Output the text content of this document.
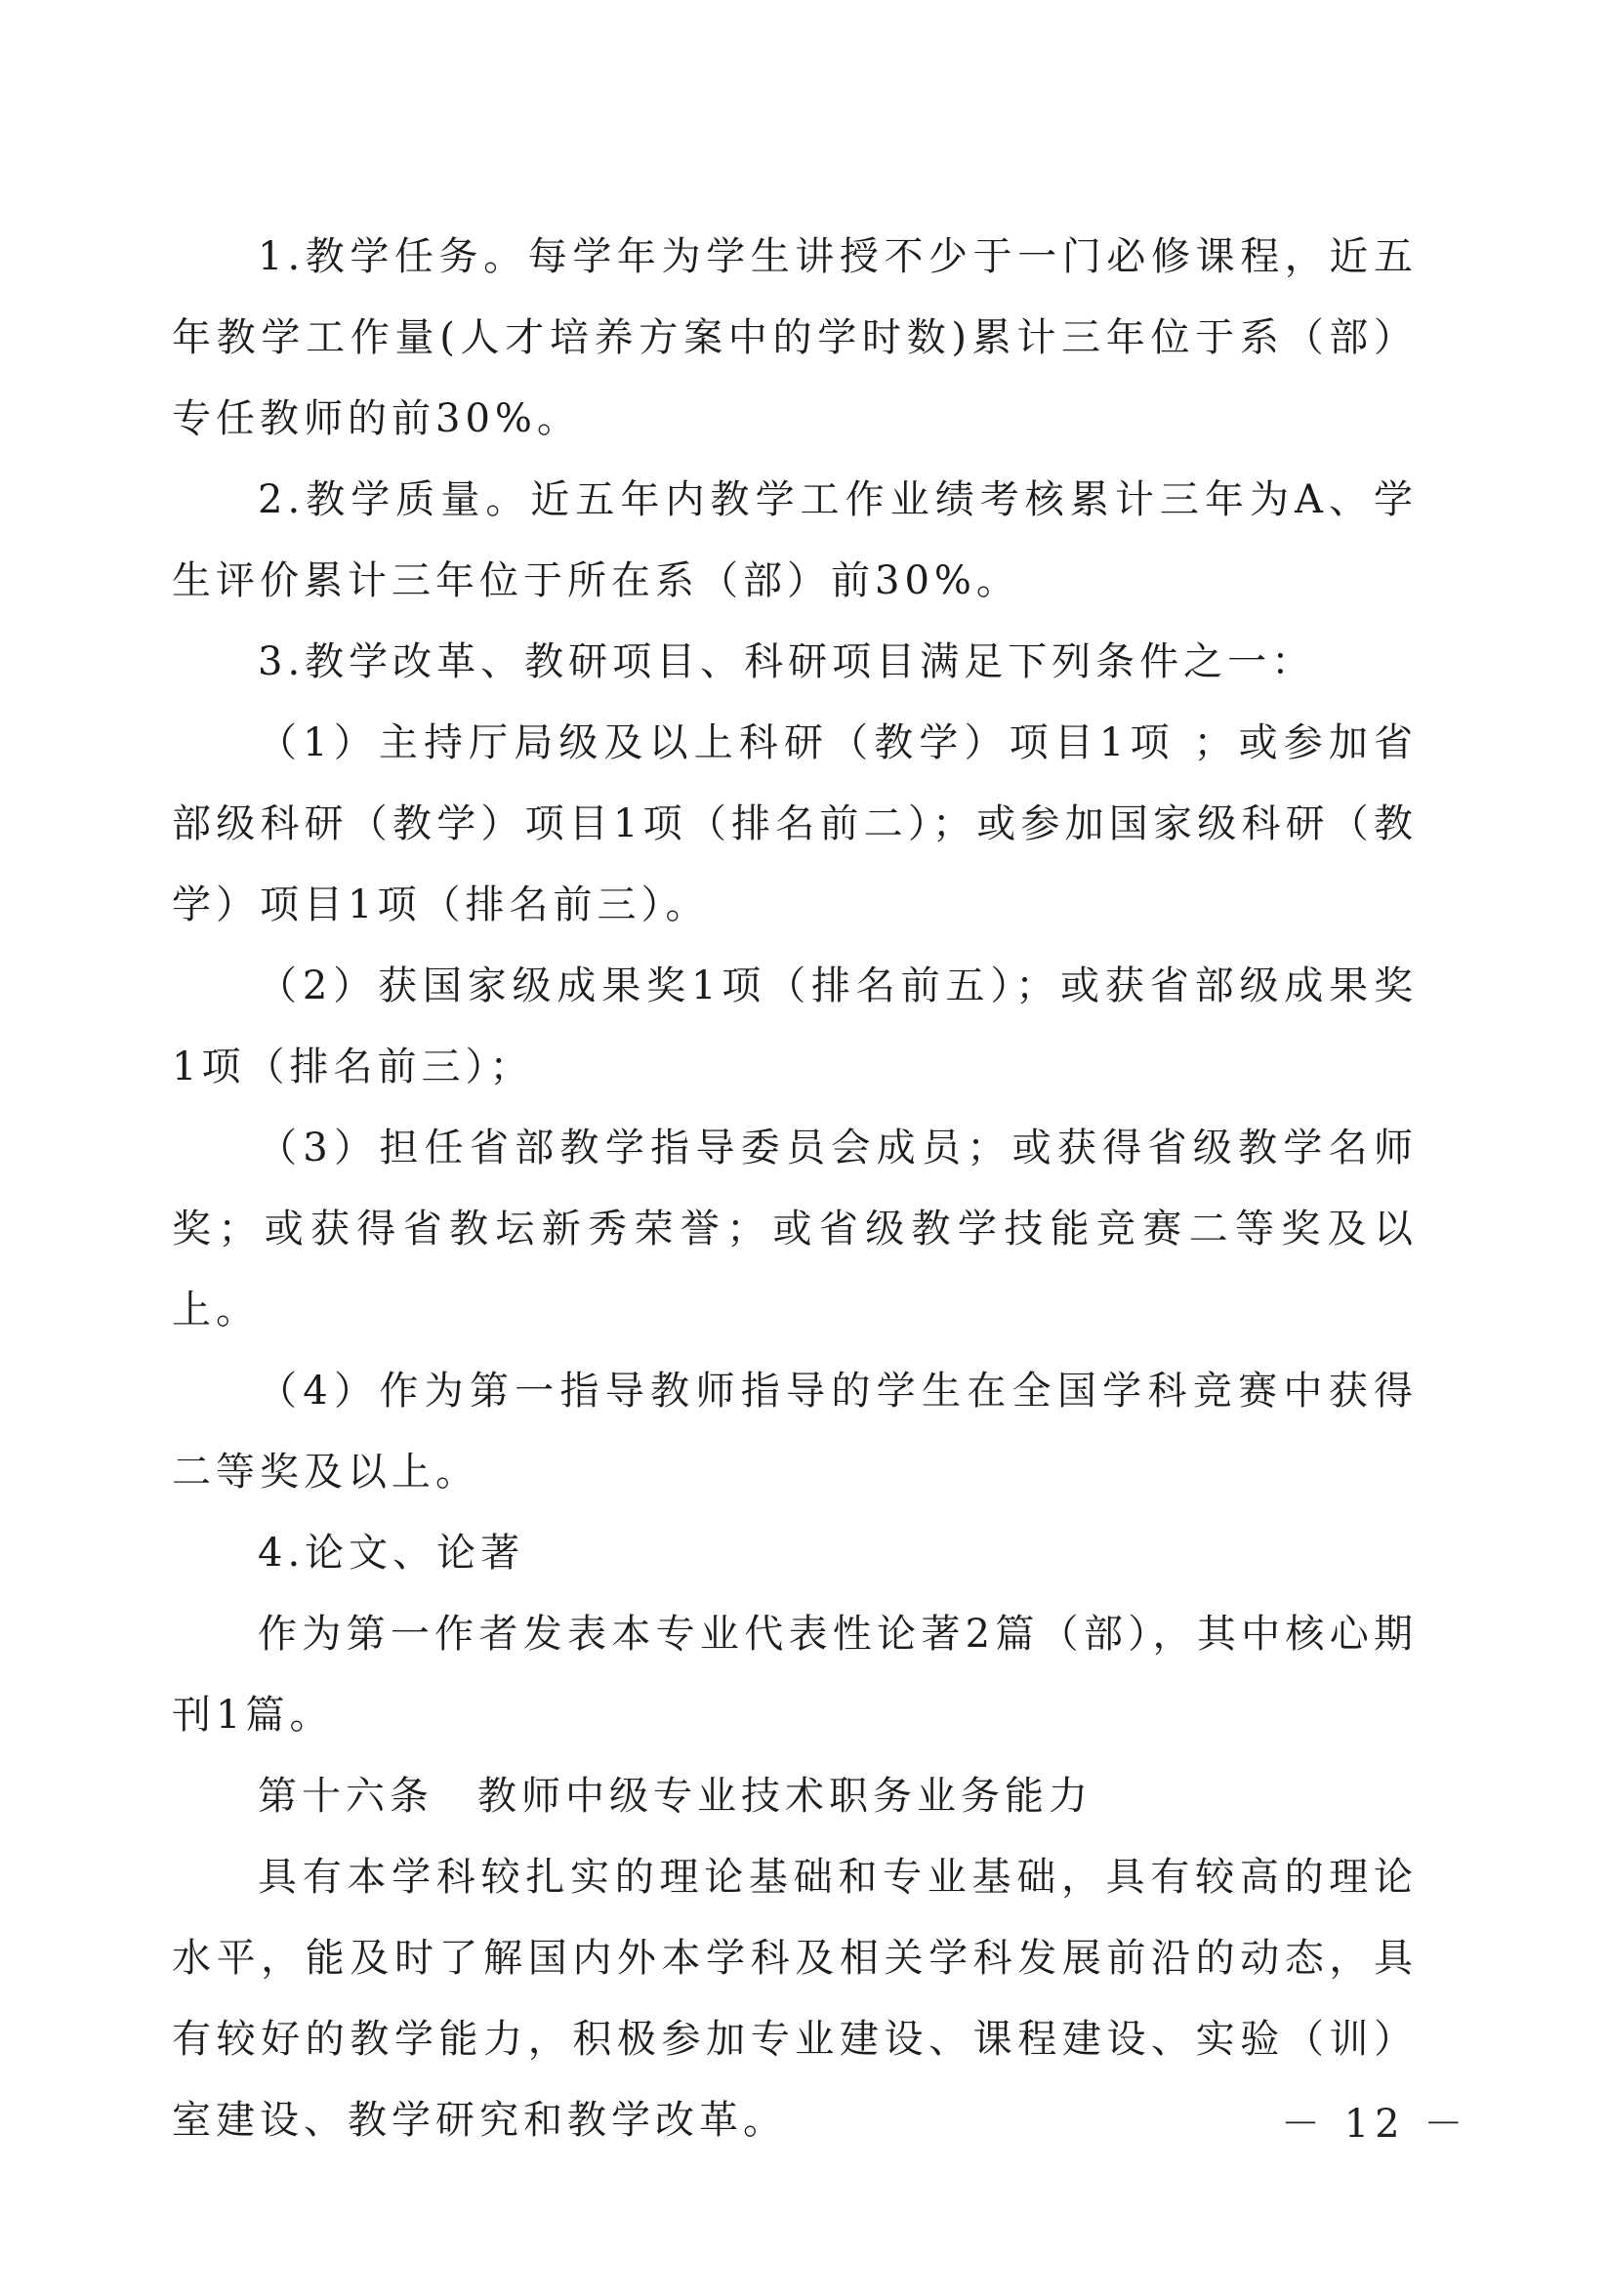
1.教学任务。每学年为学生讲授不少于一门必修课程，近五年教学工作量(人才培养方案中的学时数)累计三年位于系（部）专任教师的前30%。

2.教学质量。近五年内教学工作业绩考核累计三年为A、学生评价累计三年位于所在系（部）前30%。

3.教学改革、教研项目、科研项目满足下列条件之一：

（1）主持厅局级及以上科研（教学）项目1项 ；或参加省部级科研（教学）项目1项（排名前二）；或参加国家级科研（教学）项目1项（排名前三）。

（2）获国家级成果奖1项（排名前五）；或获省部级成果奖1项（排名前三）；

（3）担任省部教学指导委员会成员；或获得省级教学名师奖；或获得省教坛新秀荣誉；或省级教学技能竞赛二等奖及以上。

（4）作为第一指导教师指导的学生在全国学科竞赛中获得二等奖及以上。

4.论文、论著

作为第一作者发表本专业代表性论著2篇（部），其中核心期刊1篇。

第十六条　教师中级专业技术职务业务能力

具有本学科较扎实的理论基础和专业基础，具有较高的理论水平，能及时了解国内外本学科及相关学科发展前沿的动态，具有较好的教学能力，积极参加专业建设、课程建设、实验（训）室建设、教学研究和教学改革。	－ 12 －
